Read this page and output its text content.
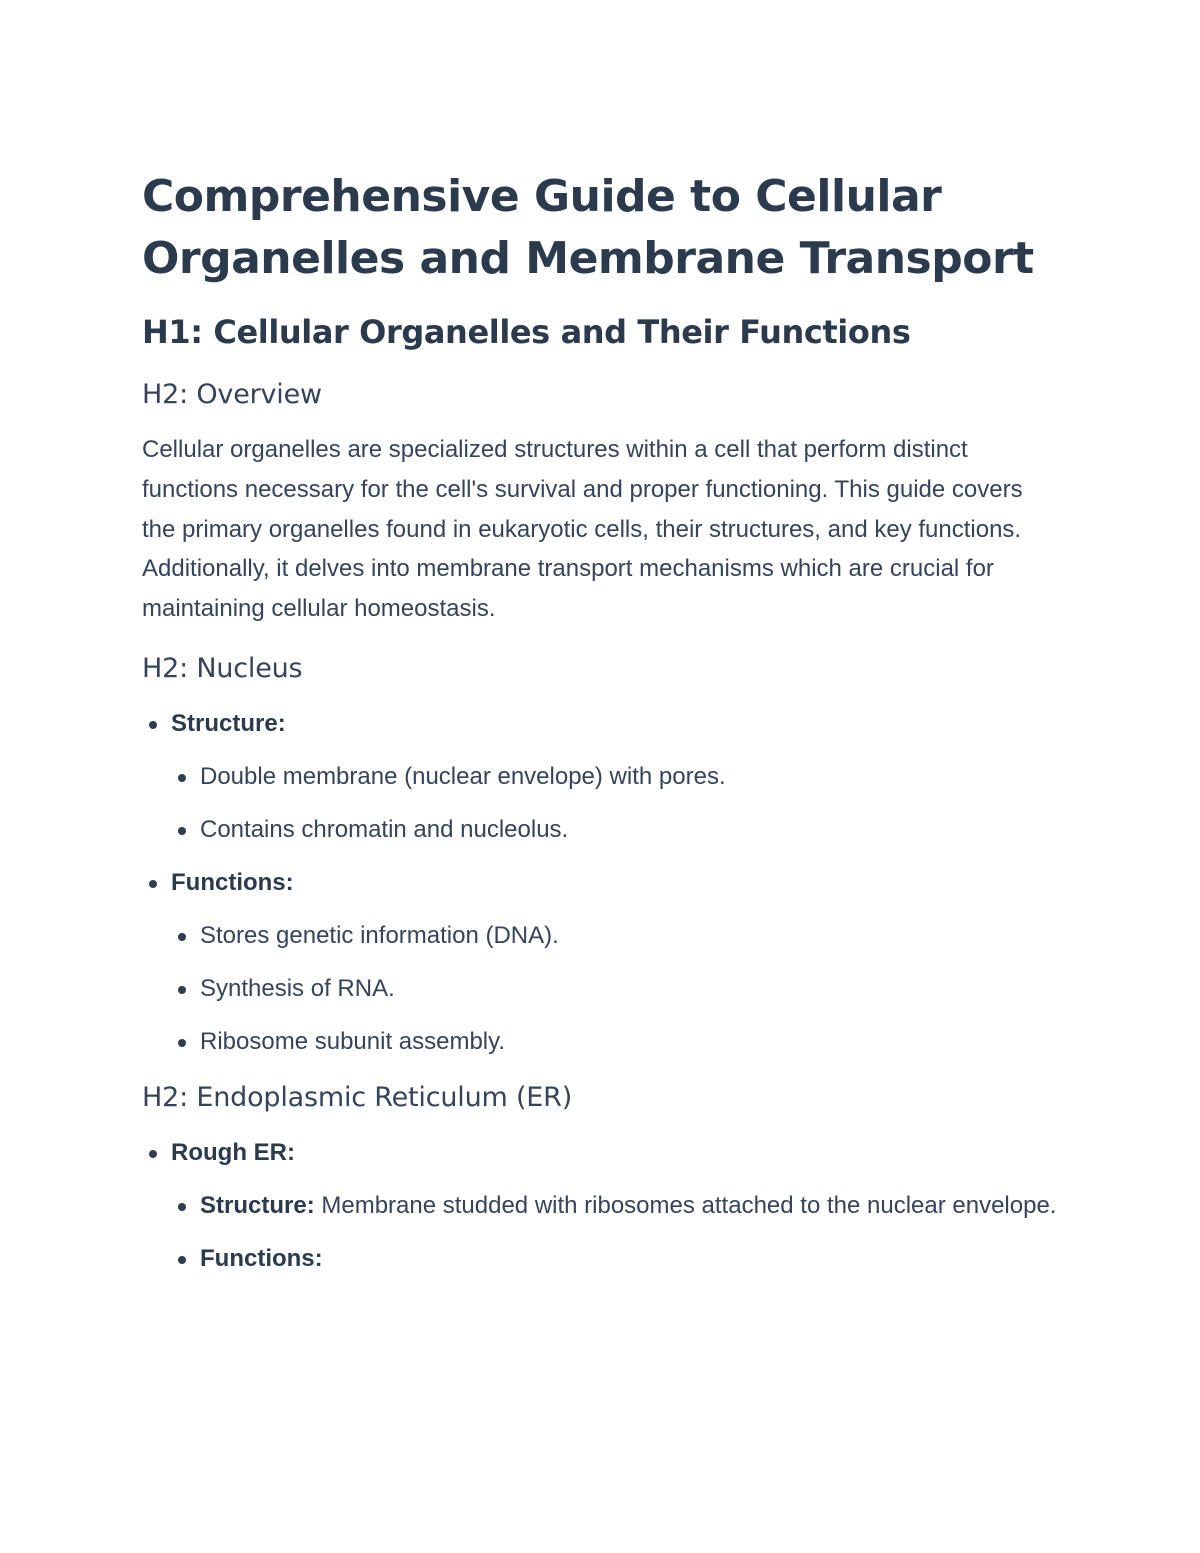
Comprehensive Guide to Cellular Organelles and Membrane Transport
H1: Cellular Organelles and Their Functions
H2: Overview

Cellular organelles are specialized structures within a cell that perform distinct functions necessary for the cell's survival and proper functioning. This guide covers the primary organelles found in eukaryotic cells, their structures, and key functions. Additionally, it delves into membrane transport mechanisms which are crucial for maintaining cellular homeostasis.

H2: Nucleus
Structure:
Double membrane (nuclear envelope) with pores.
Contains chromatin and nucleolus.
Functions:
Stores genetic information (DNA).
Synthesis of RNA.
Ribosome subunit assembly.
H2: Endoplasmic Reticulum (ER)
Rough ER:
Structure: Membrane studded with ribosomes attached to the nuclear envelope.
Functions:
